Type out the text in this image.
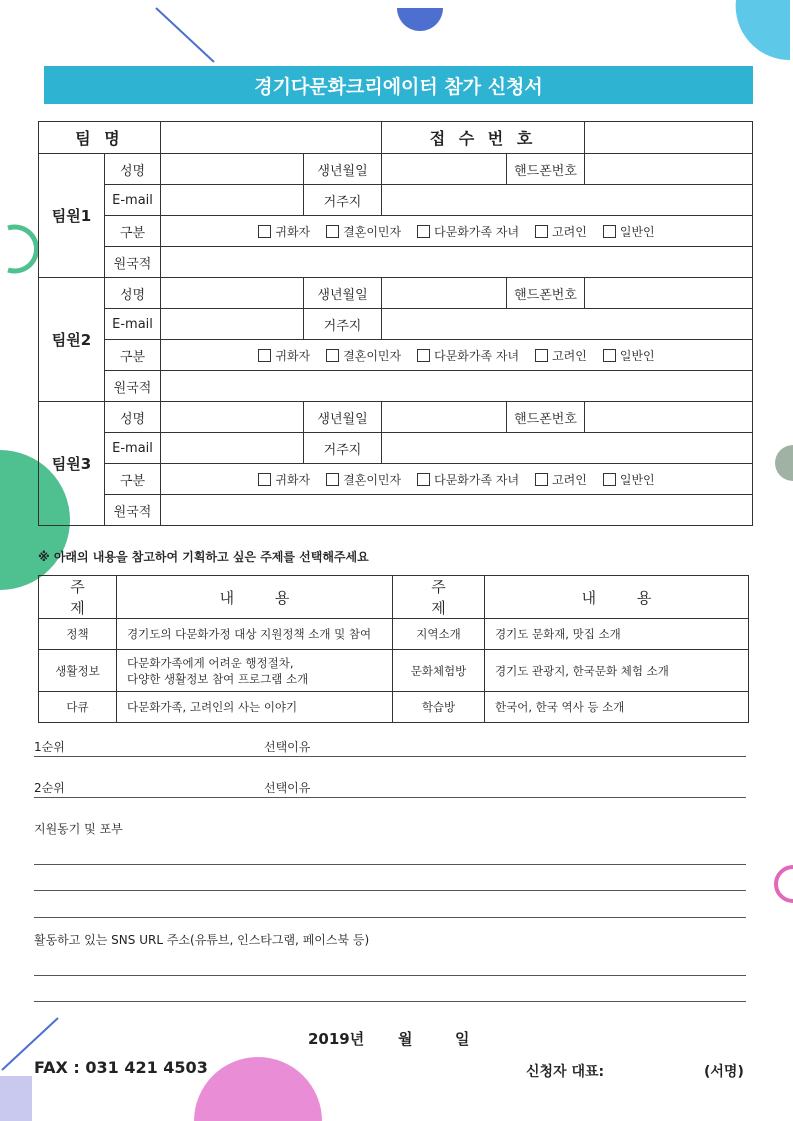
경기다문화크리에이터 참가 신청서
팀 명				접 수 번 호		
팀원1	성명		생년월일		핸드폰번호	
	E-mail		거주지			
	구분	귀화자 결혼이민자 다문화가족 자녀 고려인 일반인				

	원국적					
팀원2	성명		생년월일		핸드폰번호	
	E-mail		거주지			
	구분	귀화자 결혼이민자 다문화가족 자녀 고려인 일반인				

	원국적					
팀원3	성명		생년월일		핸드폰번호	
	E-mail		거주지			
	구분	귀화자 결혼이민자 다문화가족 자녀 고려인 일반인				

	원국적					
※ 아래의 내용을 참고하여 기획하고 싶은 주제를 선택해주세요
주 제	내 용	주 제	내 용
정책	경기도의 다문화가정 대상 지원정책 소개 및 참여	지역소개	경기도 문화재, 맛집 소개
생활정보	다문화가족에게 어려운 행정절차,
다양한 생활정보 참여 프로그램 소개	문화체험방	경기도 관광지, 한국문화 체험 소개
다큐	다문화가족, 고려인의 사는 이야기	학습방	한국어, 한국 역사 등 소개
1순위	선택이유
2순위	선택이유
지원동기 및 포부
활동하고 있는 SNS URL 주소(유튜브, 인스타그램, 페이스북 등)
2019년 월	일
FAX : 031 421 4503	신청자 대표:	(서명)
